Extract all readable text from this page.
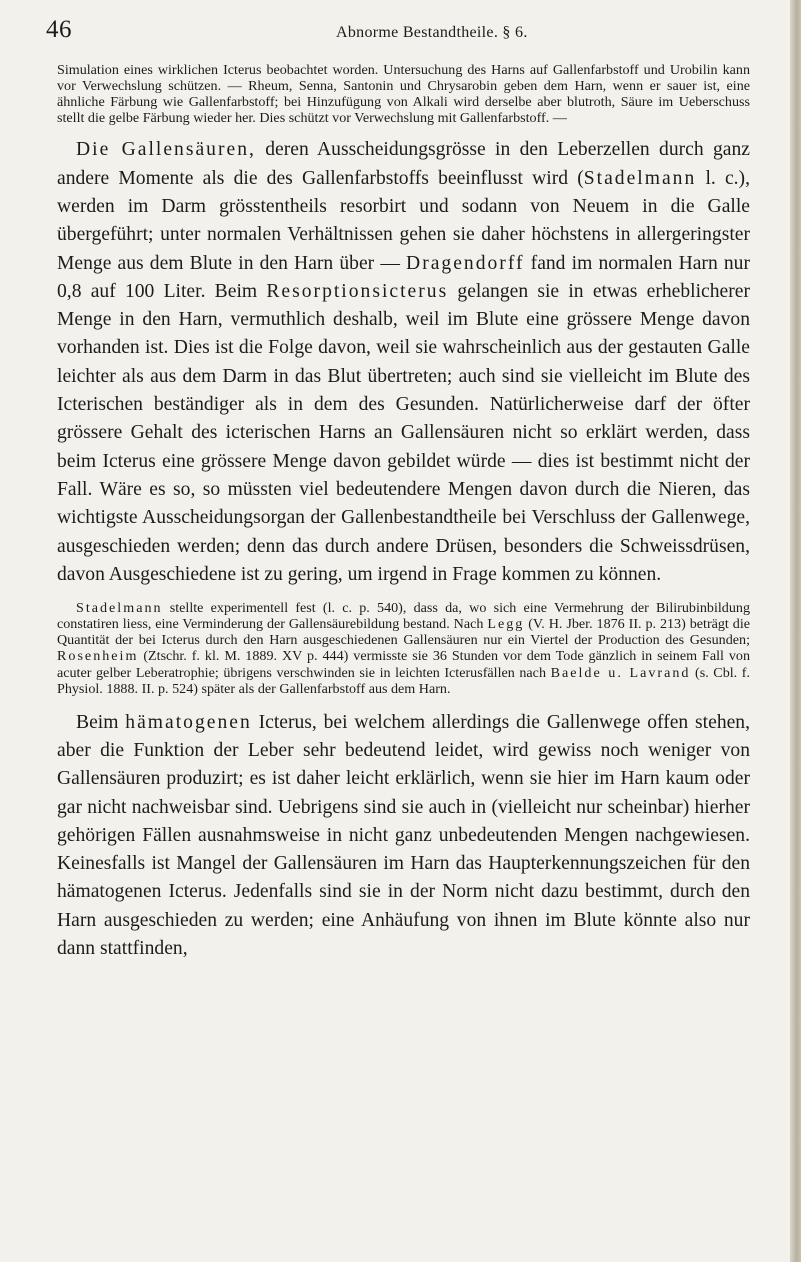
46	Abnorme Bestandtheile. § 6.

Simulation eines wirklichen Icterus beobachtet worden. Untersuchung des Harns auf Gallenfarbstoff und Urobilin kann vor Verwechslung schützen. — Rheum, Senna, Santonin und Chrysarobin geben dem Harn, wenn er sauer ist, eine ähnliche Färbung wie Gallenfarbstoff; bei Hinzufügung von Alkali wird derselbe aber blutroth, Säure im Ueberschuss stellt die gelbe Färbung wieder her. Dies schützt vor Verwechslung mit Gallenfarbstoff. —

Die Gallensäuren, deren Ausscheidungsgrösse in den Leberzellen durch ganz andere Momente als die des Gallenfarbstoffs beeinflusst wird (Stadelmann l. c.), werden im Darm grösstentheils resorbirt und sodann von Neuem in die Galle übergeführt; unter normalen Verhältnissen gehen sie daher höchstens in allergeringster Menge aus dem Blute in den Harn über — Dragendorff fand im normalen Harn nur 0,8 auf 100 Liter. Beim Resorptionsicterus gelangen sie in etwas erheblicherer Menge in den Harn, vermuthlich deshalb, weil im Blute eine grössere Menge davon vorhanden ist. Dies ist die Folge davon, weil sie wahrscheinlich aus der gestauten Galle leichter als aus dem Darm in das Blut übertreten; auch sind sie vielleicht im Blute des Icterischen beständiger als in dem des Gesunden. Natürlicherweise darf der öfter grössere Gehalt des icterischen Harns an Gallensäuren nicht so erklärt werden, dass beim Icterus eine grössere Menge davon gebildet würde — dies ist bestimmt nicht der Fall. Wäre es so, so müssten viel bedeutendere Mengen davon durch die Nieren, das wichtigste Ausscheidungsorgan der Gallenbestandtheile bei Verschluss der Gallenwege, ausgeschieden werden; denn das durch andere Drüsen, besonders die Schweissdrüsen, davon Ausgeschiedene ist zu gering, um irgend in Frage kommen zu können.

Stadelmann stellte experimentell fest (l. c. p. 540), dass da, wo sich eine Vermehrung der Bilirubinbildung constatiren liess, eine Verminderung der Gallensäurebildung bestand. Nach Legg (V. H. Jber. 1876 II. p. 213) beträgt die Quantität der bei Icterus durch den Harn ausgeschiedenen Gallensäuren nur ein Viertel der Production des Gesunden; Rosenheim (Ztschr. f. kl. M. 1889. XV p. 444) vermisste sie 36 Stunden vor dem Tode gänzlich in seinem Fall von acuter gelber Leberatrophie; übrigens verschwinden sie in leichten Icterusfällen nach Baelde u. Lavrand (s. Cbl. f. Physiol. 1888. II. p. 524) später als der Gallenfarbstoff aus dem Harn.

Beim hämatogenen Icterus, bei welchem allerdings die Gallenwege offen stehen, aber die Funktion der Leber sehr bedeutend leidet, wird gewiss noch weniger von Gallensäuren produzirt; es ist daher leicht erklärlich, wenn sie hier im Harn kaum oder gar nicht nachweisbar sind. Uebrigens sind sie auch in (vielleicht nur scheinbar) hierher gehörigen Fällen ausnahmsweise in nicht ganz unbedeutenden Mengen nachgewiesen. Keinesfalls ist Mangel der Gallensäuren im Harn das Haupterkennungszeichen für den hämatogenen Icterus. Jedenfalls sind sie in der Norm nicht dazu bestimmt, durch den Harn ausgeschieden zu werden; eine Anhäufung von ihnen im Blute könnte also nur dann stattfinden,
